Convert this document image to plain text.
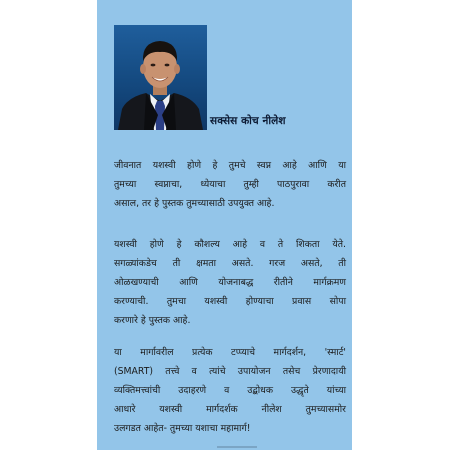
सक्सेस कोच नीलेश

जीवनात यशस्वी होणे हे तुमचे स्वप्न आहे आणि या
तुमच्या स्वप्नाचा, ध्येयाचा तुम्ही पाठपुरावा करीत
असाल, तर हे पुस्तक तुमच्यासाठी उपयुक्त आहे.

यशस्वी होणे हे कौशल्य आहे व ते शिकता येते.
सगळ्यांकडेच ती क्षमता असते. गरज असते, ती
ओळखण्याची आणि योजनाबद्ध रीतीने मार्गक्रमण
करण्याची. तुमचा यशस्वी होण्याचा प्रवास सोपा
करणारे हे पुस्तक आहे.

या मार्गावरील प्रत्येक टप्प्याचे मार्गदर्शन, 'स्मार्ट'
(SMART) तत्त्वे व त्यांचे उपायोजन तसेच प्रेरणादायी
व्यक्तिमत्त्वांची उदाहरणे व उद्बोधक उद्धृते यांच्या
आधारे यशस्वी मार्गदर्शक नीलेश तुमच्यासमोर
उलगडत आहेत- तुमच्या यशाचा महामार्ग!
